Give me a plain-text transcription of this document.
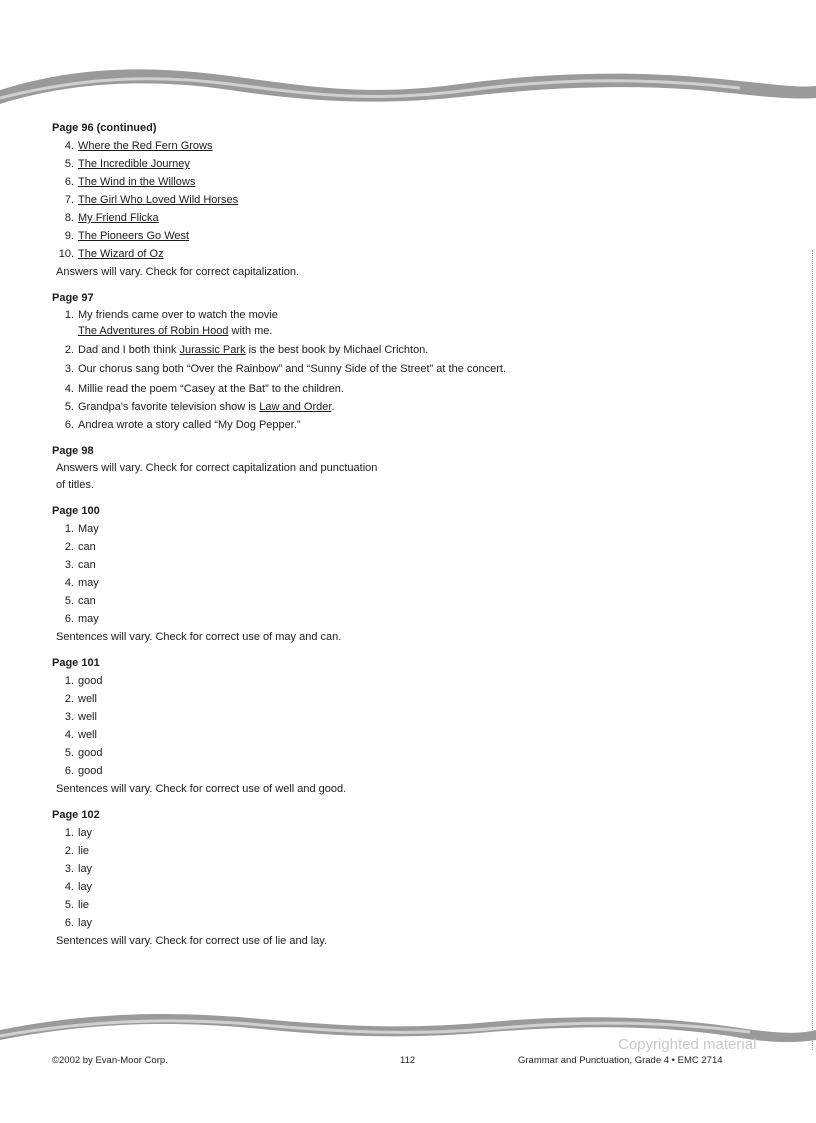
Page 96 (continued)
4. Where the Red Fern Grows
5. The Incredible Journey
6. The Wind in the Willows
7. The Girl Who Loved Wild Horses
8. My Friend Flicka
9. The Pioneers Go West
10. The Wizard of Oz
Answers will vary. Check for correct capitalization.
Page 97
1. My friends came over to watch the movie
The Adventures of Robin Hood with me.
2. Dad and I both think Jurassic Park is the best book by Michael Crichton.
3. Our chorus sang both “Over the Rainbow” and “Sunny Side of the Street” at the concert.
4. Millie read the poem “Casey at the Bat” to the children.
5. Grandpa's favorite television show is Law and Order.
6. Andrea wrote a story called “My Dog Pepper.”
Page 98
Answers will vary. Check for correct capitalization and punctuation of titles.
Page 100
1. May
2. can
3. can
4. may
5. can
6. may
Sentences will vary. Check for correct use of may and can.
Page 101
1. good
2. well
3. well
4. well
5. good
6. good
Sentences will vary. Check for correct use of well and good.
Page 102
1. lay
2. lie
3. lay
4. lay
5. lie
6. lay
Sentences will vary. Check for correct use of lie and lay.
Copyrighted material
©2002 by Evan-Moor Corp.	112	Grammar and Punctuation, Grade 4 • EMC 2714
